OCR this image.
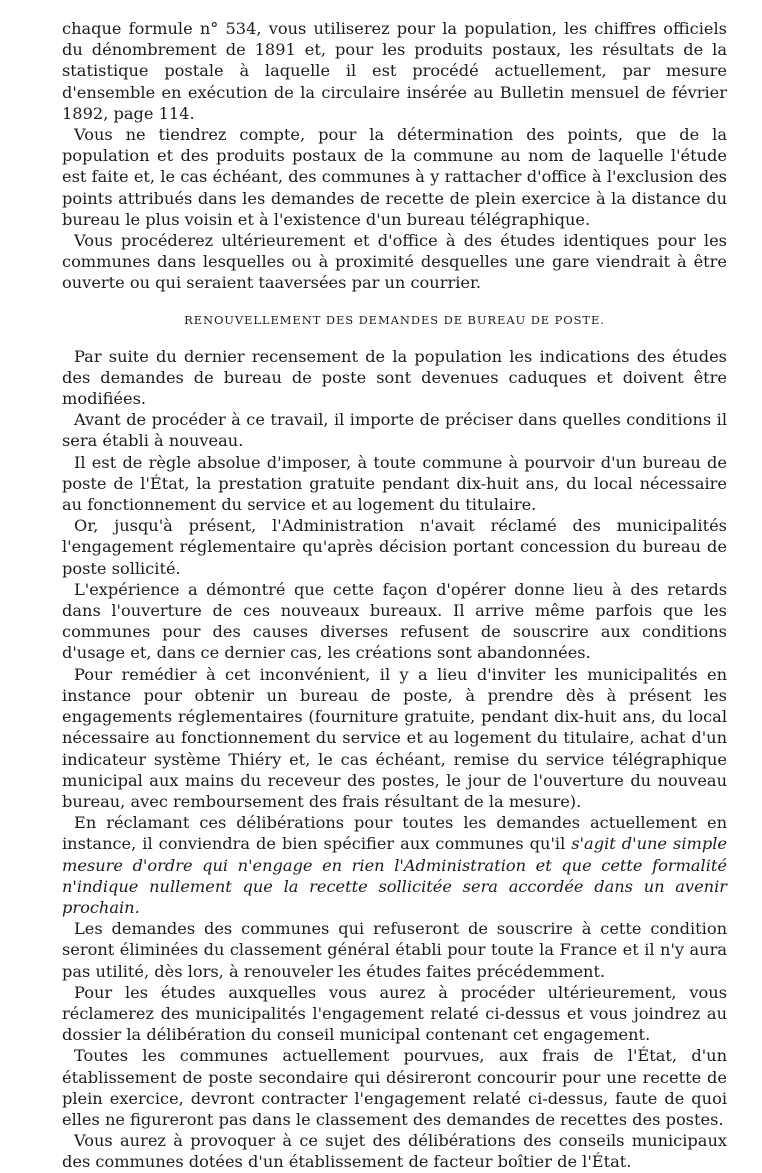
chaque formule n° 534, vous utiliserez pour la population, les chiffres officiels du dénombrement de 1891 et, pour les produits postaux, les résultats de la statistique postale à laquelle il est procédé actuellement, par mesure d'ensemble en exécution de la circulaire insérée au Bulletin mensuel de février 1892, page 114.

Vous ne tiendrez compte, pour la détermination des points, que de la population et des produits postaux de la commune au nom de laquelle l'étude est faite et, le cas échéant, des communes à y rattacher d'office à l'exclusion des points attribués dans les demandes de recette de plein exercice à la distance du bureau le plus voisin et à l'existence d'un bureau télégraphique.

Vous procéderez ultérieurement et d'office à des études identiques pour les communes dans lesquelles ou à proximité desquelles une gare viendrait à être ouverte ou qui seraient taaversées par un courrier.

RENOUVELLEMENT DES DEMANDES DE BUREAU DE POSTE.

Par suite du dernier recensement de la population les indications des études des demandes de bureau de poste sont devenues caduques et doivent être modifiées.

Avant de procéder à ce travail, il importe de préciser dans quelles conditions il sera établi à nouveau.

Il est de règle absolue d'imposer, à toute commune à pourvoir d'un bureau de poste de l'État, la prestation gratuite pendant dix-huit ans, du local nécessaire au fonctionnement du service et au logement du titulaire.

Or, jusqu'à présent, l'Administration n'avait réclamé des municipalités l'engagement réglementaire qu'après décision portant concession du bureau de poste sollicité.

L'expérience a démontré que cette façon d'opérer donne lieu à des retards dans l'ouverture de ces nouveaux bureaux. Il arrive même parfois que les communes pour des causes diverses refusent de souscrire aux conditions d'usage et, dans ce dernier cas, les créations sont abandonnées.

Pour remédier à cet inconvénient, il y a lieu d'inviter les municipalités en instance pour obtenir un bureau de poste, à prendre dès à présent les engagements réglementaires (fourniture gratuite, pendant dix-huit ans, du local nécessaire au fonctionnement du service et au logement du titulaire, achat d'un indicateur système Thiéry et, le cas échéant, remise du service télégraphique municipal aux mains du receveur des postes, le jour de l'ouverture du nouveau bureau, avec remboursement des frais résultant de la mesure).

En réclamant ces délibérations pour toutes les demandes actuellement en instance, il conviendra de bien spécifier aux communes qu'il s'agit d'une simple mesure d'ordre qui n'engage en rien l'Administration et que cette formalité n'indique nullement que la recette sollicitée sera accordée dans un avenir prochain.

Les demandes des communes qui refuseront de souscrire à cette condition seront éliminées du classement général établi pour toute la France et il n'y aura pas utilité, dès lors, à renouveler les études faites précédemment.

Pour les études auxquelles vous aurez à procéder ultérieurement, vous réclamerez des municipalités l'engagement relaté ci-dessus et vous joindrez au dossier la délibération du conseil municipal contenant cet engagement.

Toutes les communes actuellement pourvues, aux frais de l'État, d'un établissement de poste secondaire qui désireront concourir pour une recette de plein exercice, devront contracter l'engagement relaté ci-dessus, faute de quoi elles ne figureront pas dans le classement des demandes de recettes des postes.

Vous aurez à provoquer à ce sujet des délibérations des conseils municipaux des communes dotées d'un établissement de facteur boîtier de l'État.
